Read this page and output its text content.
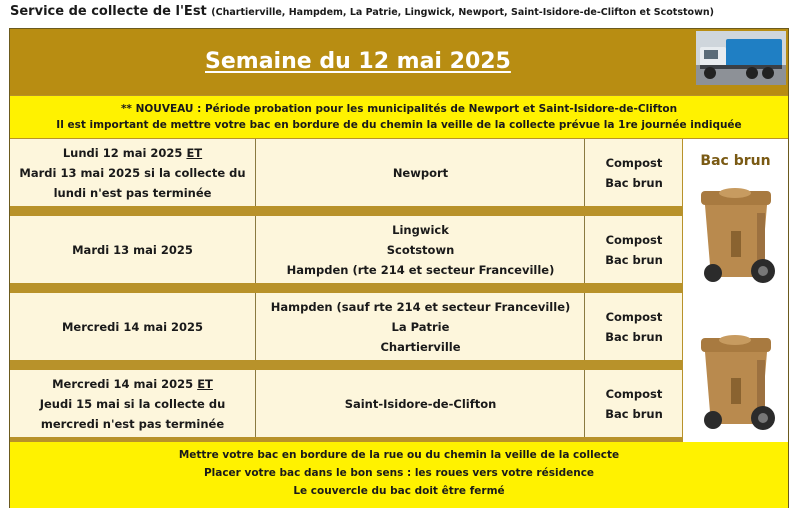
Service de collecte de l'Est (Chartierville, Hampdem, La Patrie, Lingwick, Newport, Saint-Isidore-de-Clifton et Scotstown)
Semaine du 12 mai 2025
** NOUVEAU : Période probation pour les municipalités de Newport et Saint-Isidore-de-Clifton
Il est important de mettre votre bac en bordure de du chemin la veille de la collecte prévue la 1re journée indiquée
Lundi 12 mai 2025 ET
Mardi 13 mai 2025 si la collecte du
lundi n'est pas terminée
Newport
Compost
Bac brun
Mardi 13 mai 2025
Lingwick
Scotstown
Hampden (rte 214 et secteur Franceville)
Compost
Bac brun
Mercredi 14 mai 2025
Hampden (sauf rte 214 et secteur Franceville)
La Patrie
Chartierville
Compost
Bac brun
Mercredi 14 mai 2025 ET
Jeudi 15 mai si la collecte du
mercredi n'est pas terminée
Saint-Isidore-de-Clifton
Compost
Bac brun
Bac brun
Mettre votre bac en bordure de la rue ou du chemin la veille de la collecte
Placer votre bac dans le bon sens : les roues vers votre résidence
Le couvercle du bac doit être fermé
